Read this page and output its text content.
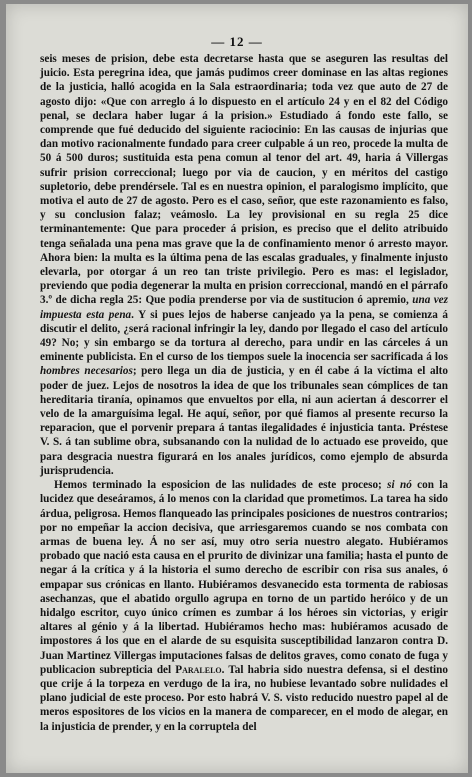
— 12 —

seis meses de prision, debe esta decretarse hasta que se aseguren las resultas del juicio. Esta peregrina idea, que jamás pudimos creer dominase en las altas regiones de la justicia, halló acogida en la Sala estraordinaria; toda vez que auto de 27 de agosto dijo: «Que con arreglo á lo dispuesto en el artículo 24 y en el 82 del Código penal, se declara haber lugar á la prision.» Estudiado á fondo este fallo, se comprende que fué deducido del siguiente raciocinio: En las causas de injurias que dan motivo racionalmente fundado para creer culpable á un reo, procede la multa de 50 á 500 duros; sustituida esta pena comun al tenor del art. 49, haria á Villergas sufrir prision correccional; luego por via de caucion, y en méritos del castigo supletorio, debe prendérsele. Tal es en nuestra opinion, el paralogismo implícito, que motiva el auto de 27 de agosto. Pero es el caso, señor, que este razonamiento es falso, y su conclusion falaz; veámoslo. La ley provisional en su regla 25 dice terminantemente: Que para proceder á prision, es preciso que el delito atribuido tenga señalada una pena mas grave que la de confinamiento menor ó arresto mayor. Ahora bien: la multa es la última pena de las escalas graduales, y finalmente injusto elevarla, por otorgar á un reo tan triste privilegio. Pero es mas: el legislador, previendo que podia degenerar la multa en prision correccional, mandó en el párrafo 3.º de dicha regla 25: Que podia prenderse por via de sustitucion ó apremio, una vez impuesta esta pena. Y si pues lejos de haberse canjeado ya la pena, se comienza á discutir el delito, ¿será racional infringir la ley, dando por llegado el caso del artículo 49? No; y sin embargo se da tortura al derecho, para undir en las cárceles á un eminente publicista. En el curso de los tiempos suele la inocencia ser sacrificada á los hombres necesarios; pero llega un dia de justicia, y en él cabe á la víctima el alto poder de juez. Lejos de nosotros la idea de que los tribunales sean cómplices de tan hereditaria tiranía, opinamos que envueltos por ella, ni aun aciertan á descorrer el velo de la amarguísima legal. He aquí, señor, por qué fiamos al presente recurso la reparacion, que el porvenir prepara á tantas ilegalidades é injusticia tanta. Préstese V. S. á tan sublime obra, subsanando con la nulidad de lo actuado ese proveido, que para desgracia nuestra figurará en los anales jurídicos, como ejemplo de absurda jurisprudencia.

Hemos terminado la esposicion de las nulidades de este proceso; si nó con la lucidez que deseáramos, á lo menos con la claridad que prometimos. La tarea ha sido árdua, peligrosa. Hemos flanqueado las principales posiciones de nuestros contrarios; por no empeñar la accion decisiva, que arriesgaremos cuando se nos combata con armas de buena ley. Á no ser así, muy otro seria nuestro alegato. Hubiéramos probado que nació esta causa en el prurito de divinizar una familia; hasta el punto de negar á la crítica y á la historia el sumo derecho de escribir con risa sus anales, ó empapar sus crónicas en llanto. Hubiéramos desvanecido esta tormenta de rabiosas asechanzas, que el abatido orgullo agrupa en torno de un partido heróico y de un hidalgo escritor, cuyo único crímen es zumbar á los héroes sin victorias, y erigir altares al génio y á la libertad. Hubiéramos hecho mas: hubiéramos acusado de impostores á los que en el alarde de su esquisita susceptibilidad lanzaron contra D. Juan Martinez Villergas imputaciones falsas de delitos graves, como conato de fuga y publicacion subrepticia del Paralelo. Tal habria sido nuestra defensa, si el destino que crije á la torpeza en verdugo de la ira, no hubiese levantado sobre nulidades el plano judicial de este proceso. Por esto habrá V. S. visto reducido nuestro papel al de meros espositores de los vicios en la manera de comparecer, en el modo de alegar, en la injusticia de prender, y en la corruptela del
